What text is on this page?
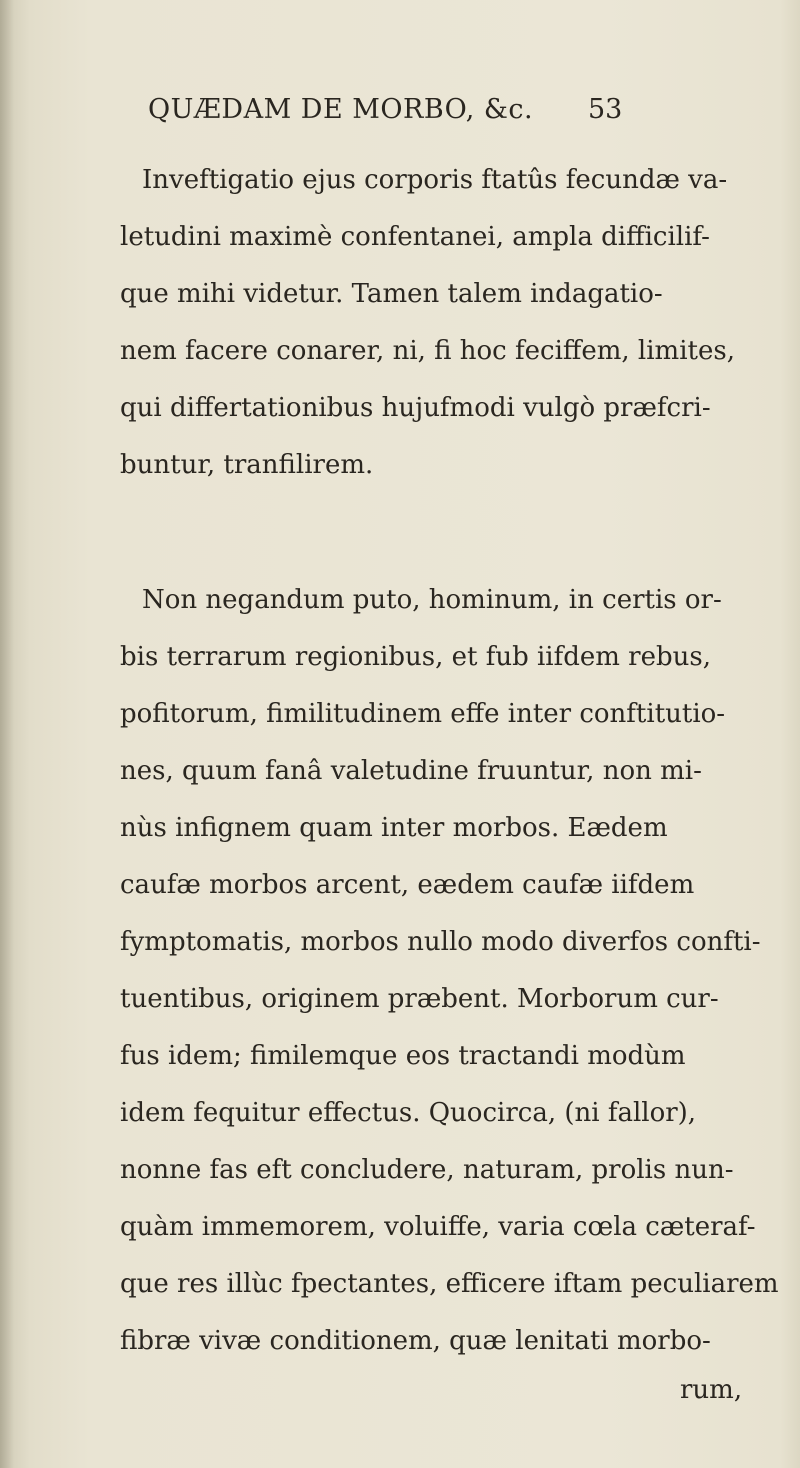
QUÆDAM DE MORBO, &c. 53
Inveftigatio ejus corporis ftatûs fecundæ va-
letudini maximè confentanei, ampla difficilif-
que mihi videtur. Tamen talem indagatio-
nem facere conarer, ni, fi hoc feciffem, limites,
qui differtationibus hujufmodi vulgò præfcri-
buntur, tranfilirem.
Non negandum puto, hominum, in certis or-
bis terrarum regionibus, et fub iifdem rebus,
pofitorum, fimilitudinem effe inter conftitutio-
nes, quum fanâ valetudine fruuntur, non mi-
nùs infignem quam inter morbos. Eædem
caufæ morbos arcent, eædem caufæ iifdem
fymptomatis, morbos nullo modo diverfos confti-
tuentibus, originem præbent. Morborum cur-
fus idem; fimilemque eos tractandi modùm
idem fequitur effectus. Quocirca, (ni fallor),
nonne fas eft concludere, naturam, prolis nun-
quàm immemorem, voluiffe, varia cœla cæteraf-
que res illùc fpectantes, efficere iftam peculiarem
fibræ vivæ conditionem, quæ lenitati morbo-
rum,
